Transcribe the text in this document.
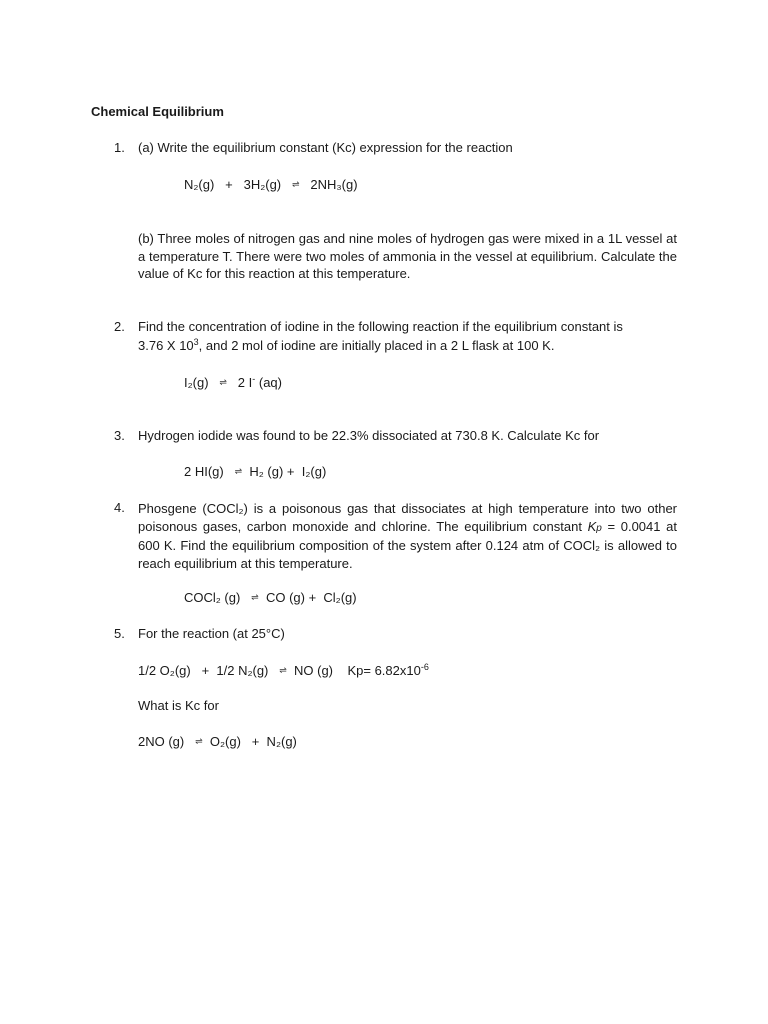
Chemical Equilibrium
1. (a) Write the equilibrium constant (Kc) expression for the reaction
N₂(g)   +   3H₂(g) ⇌ 2NH₃(g)
(b) Three moles of nitrogen gas and nine moles of hydrogen gas were mixed in a 1L vessel at a temperature T. There were two moles of ammonia in the vessel at equilibrium. Calculate the value of Kc for this reaction at this temperature.
2. Find the concentration of iodine in the following reaction if the equilibrium constant is
3.76 X $10^3$, and 2 mol of iodine are initially placed in a 2 L flask at 100 K.
I₂(g) ⇌ 2 I- (aq)
3. Hydrogen iodide was found to be 22.3% dissociated at 730.8 K. Calculate Kc for
2 HI(g) ⇌ H₂ (g) +  I₂(g)
4. Phosgene (COCl₂) is a poisonous gas that dissociates at high temperature into two other poisonous gases, carbon monoxide and chlorine. The equilibrium constant Kp = 0.0041 at 600 K. Find the equilibrium composition of the system after 0.124 atm of COCl₂ is allowed to reach equilibrium at this temperature.
COCl₂ (g) ⇌ CO (g) +  Cl₂(g)
5. For the reaction (at 25°C)
1/2 O₂(g)   +  1/2 N₂(g) ⇌ NO (g)    $Kp= 6.82x10^{-6}$
What is Kc for
2NO (g) ⇌ O₂(g)   +  N₂(g)
